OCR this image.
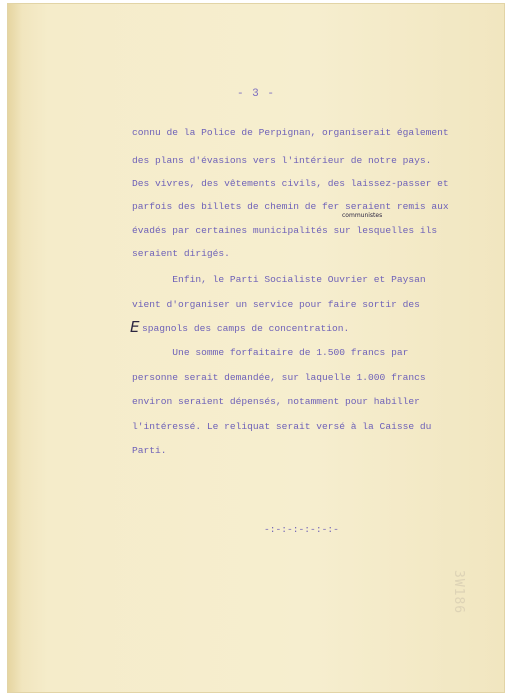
- 3 -
connu de la Police de Perpignan, organiserait également
des plans d'évasions vers l'intérieur de notre pays.
Des vivres, des vêtements civils, des laissez-passer et
parfois des billets de chemin de fer seraient remis aux
évadés par certaines municipalités sur lesquelles ils
seraient dirigés.
Enfin, le Parti Socialiste Ouvrier et Paysan
vient d'organiser un service pour faire sortir des
spagnols des camps de concentration.
Une somme forfaitaire de 1.500 francs par
personne serait demandée, sur laquelle 1.000 francs
environ seraient dépensés, notamment pour habiller
l'intéressé. Le reliquat serait versé à la Caisse du
Parti.
communistes
E
-:-:-:-:-:-:-
3W186
